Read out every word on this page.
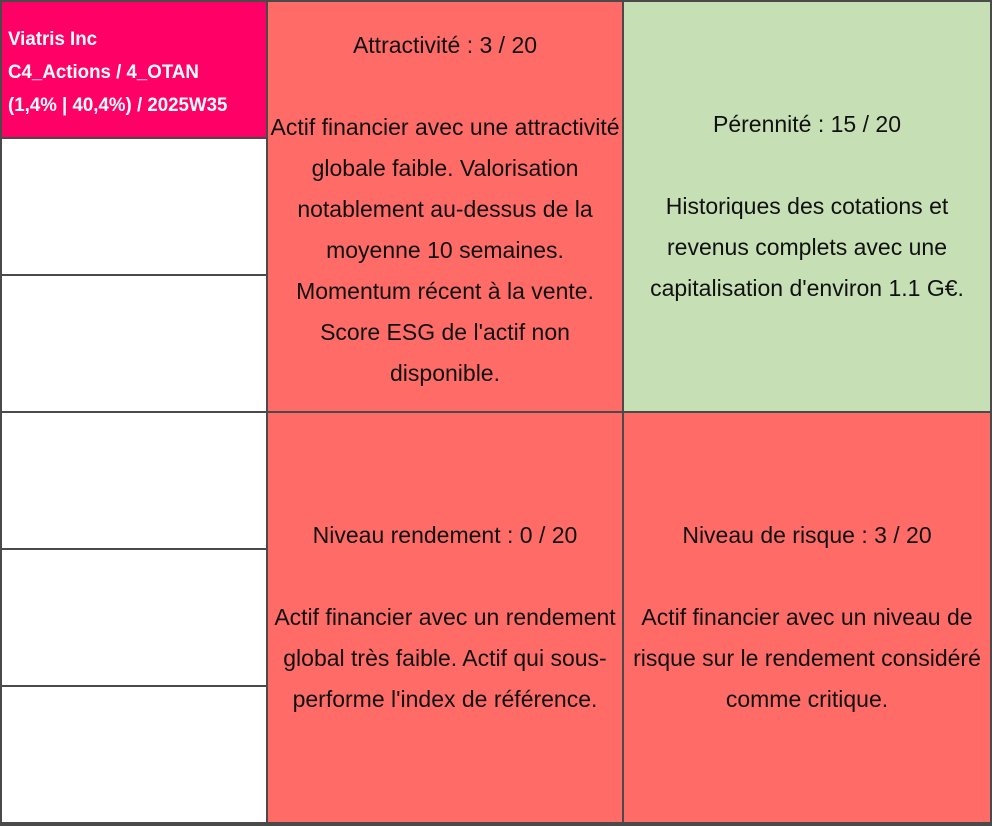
Viatris Inc
C4_Actions / 4_OTAN
(1,4% | 40,4%) / 2025W35
Attractivité : 3 / 20
Actif financier avec une attractivité globale faible. Valorisation notablement au-dessus de la moyenne 10 semaines. Momentum récent à la vente. Score ESG de l'actif non disponible.
Pérennité : 15 / 20
Historiques des cotations et revenus complets avec une capitalisation d'environ 1.1 G€.
Niveau rendement : 0 / 20
Actif financier avec un rendement global très faible. Actif qui sous-performe l'index de référence.
Niveau de risque : 3 / 20
Actif financier avec un niveau de risque sur le rendement considéré comme critique.
